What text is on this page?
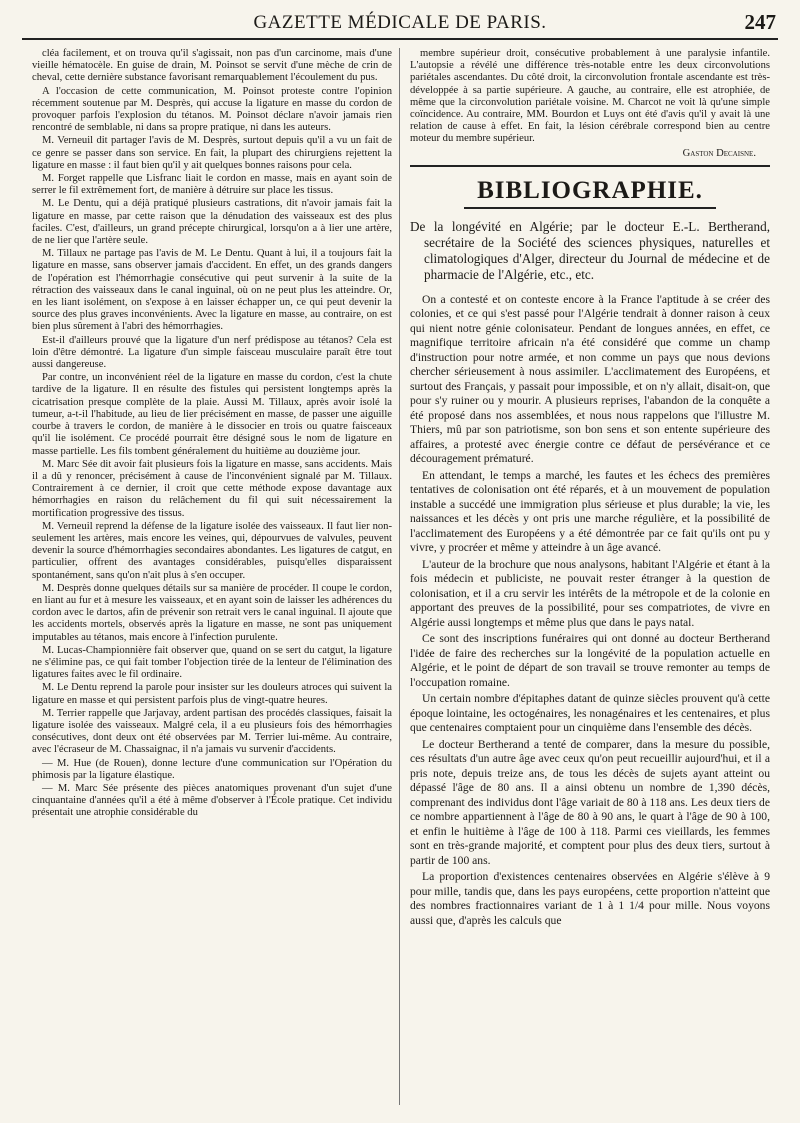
GAZETTE MÉDICALE DE PARIS.	247

cléa facilement, et on trouva qu'il s'agissait, non pas d'un carcinome, mais d'une vieille hématocèle. En guise de drain, M. Poinsot se servit d'une mèche de crin de cheval, cette dernière substance favorisant remarquablement l'écoulement du pus.

A l'occasion de cette communication, M. Poinsot proteste contre l'opinion récemment soutenue par M. Desprès, qui accuse la ligature en masse du cordon de provoquer parfois l'explosion du tétanos. M. Poinsot déclare n'avoir jamais rien rencontré de semblable, ni dans sa propre pratique, ni dans les auteurs.

M. Verneuil dit partager l'avis de M. Desprès, surtout depuis qu'il a vu un fait de ce genre se passer dans son service. En fait, la plupart des chirurgiens rejettent la ligature en masse : il faut bien qu'il y ait quelques bonnes raisons pour cela.

M. Forget rappelle que Lisfranc liait le cordon en masse, mais en ayant soin de serrer le fil extrêmement fort, de manière à détruire sur place les tissus.

M. Le Dentu, qui a déjà pratiqué plusieurs castrations, dit n'avoir jamais fait la ligature en masse, par cette raison que la dénudation des vaisseaux est des plus faciles. C'est, d'ailleurs, un grand précepte chirurgical, lorsqu'on a à lier une artère, de ne lier que l'artère seule.

M. Tillaux ne partage pas l'avis de M. Le Dentu. Quant à lui, il a toujours fait la ligature en masse, sans observer jamais d'accident. En effet, un des grands dangers de l'opération est l'hémorrhagie consécutive qui peut survenir à la suite de la rétraction des vaisseaux dans le canal inguinal, où on ne peut plus les atteindre. Or, en les liant isolément, on s'expose à en laisser échapper un, ce qui peut devenir la source des plus graves inconvénients. Avec la ligature en masse, au contraire, on est bien plus sûrement à l'abri des hémorrhagies.

Est-il d'ailleurs prouvé que la ligature d'un nerf prédispose au tétanos? Cela est loin d'être démontré. La ligature d'un simple faisceau musculaire paraît être tout aussi dangereuse.

Par contre, un inconvénient réel de la ligature en masse du cordon, c'est la chute tardive de la ligature. Il en résulte des fistules qui persistent longtemps après la cicatrisation presque complète de la plaie. Aussi M. Tillaux, après avoir isolé la tumeur, a-t-il l'habitude, au lieu de lier précisément en masse, de passer une aiguille courbe à travers le cordon, de manière à le dissocier en trois ou quatre faisceaux qu'il lie isolément. Ce procédé pourrait être désigné sous le nom de ligature en masse partielle. Les fils tombent généralement du huitième au douzième jour.

M. Marc Sée dit avoir fait plusieurs fois la ligature en masse, sans accidents. Mais il a dû y renoncer, précisément à cause de l'inconvénient signalé par M. Tillaux. Contrairement à ce dernier, il croit que cette méthode expose davantage aux hémorrhagies en raison du relâchement du fil qui suit nécessairement la mortification progressive des tissus.

M. Verneuil reprend la défense de la ligature isolée des vaisseaux. Il faut lier non-seulement les artères, mais encore les veines, qui, dépourvues de valvules, peuvent devenir la source d'hémorrhagies secondaires abondantes. Les ligatures de catgut, en particulier, offrent des avantages considérables, puisqu'elles disparaissent spontanément, sans qu'on n'ait plus à s'en occuper.

M. Desprès donne quelques détails sur sa manière de procéder. Il coupe le cordon, en liant au fur et à mesure les vaisseaux, et en ayant soin de laisser les adhérences du cordon avec le dartos, afin de prévenir son retrait vers le canal inguinal. Il ajoute que les accidents mortels, observés après la ligature en masse, ne sont pas uniquement imputables au tétanos, mais encore à l'infection purulente.

M. Lucas-Championnière fait observer que, quand on se sert du catgut, la ligature ne s'élimine pas, ce qui fait tomber l'objection tirée de la lenteur de l'élimination des ligatures faites avec le fil ordinaire.

M. Le Dentu reprend la parole pour insister sur les douleurs atroces qui suivent la ligature en masse et qui persistent parfois plus de vingt-quatre heures.

M. Terrier rappelle que Jarjavay, ardent partisan des procédés classiques, faisait la ligature isolée des vaisseaux. Malgré cela, il a eu plusieurs fois des hémorrhagies consécutives, dont deux ont été observées par M. Terrier lui-même. Au contraire, avec l'écraseur de M. Chassaignac, il n'a jamais vu survenir d'accidents.

— M. Hue (de Rouen), donne lecture d'une communication sur l'Opération du phimosis par la ligature élastique.

— M. Marc Sée présente des pièces anatomiques provenant d'un sujet d'une cinquantaine d'années qu'il a été à même d'observer à l'École pratique. Cet individu présentait une atrophie considérable du

membre supérieur droit, consécutive probablement à une paralysie infantile. L'autopsie a révélé une différence très-notable entre les deux circonvolutions pariétales ascendantes. Du côté droit, la circonvolution frontale ascendante est très-développée à sa partie supérieure. A gauche, au contraire, elle est atrophiée, de même que la circonvolution pariétale voisine. M. Charcot ne voit là qu'une simple coïncidence. Au contraire, MM. Bourdon et Luys ont été d'avis qu'il y avait là une relation de cause à effet. En fait, la lésion cérébrale correspond bien au centre moteur du membre supérieur.

Gaston Decaisne.
BIBLIOGRAPHIE.
De la longévité en Algérie; par le docteur E.-L. Bertherand, secrétaire de la Société des sciences physiques, naturelles et climatologiques d'Alger, directeur du Journal de médecine et de pharmacie de l'Algérie, etc., etc.

On a contesté et on conteste encore à la France l'aptitude à se créer des colonies, et ce qui s'est passé pour l'Algérie tendrait à donner raison à ceux qui nient notre génie colonisateur. Pendant de longues années, en effet, ce magnifique territoire africain n'a été considéré que comme un champ d'instruction pour notre armée, et non comme un pays que nous devions chercher sérieusement à nous assimiler. L'acclimatement des Européens, et surtout des Français, y passait pour impossible, et on n'y allait, disait-on, que pour s'y ruiner ou y mourir. A plusieurs reprises, l'abandon de la conquête a été proposé dans nos assemblées, et nous nous rappelons que l'illustre M. Thiers, mû par son patriotisme, son bon sens et son entente supérieure des affaires, a protesté avec énergie contre ce défaut de persévérance et ce découragement prématuré.

En attendant, le temps a marché, les fautes et les échecs des premières tentatives de colonisation ont été réparés, et à un mouvement de population instable a succédé une immigration plus sérieuse et plus durable; la vie, les naissances et les décès y ont pris une marche régulière, et la possibilité de l'acclimatement des Européens y a été démontrée par ce fait qu'ils ont pu y vivre, y procréer et même y atteindre à un âge avancé.

L'auteur de la brochure que nous analysons, habitant l'Algérie et étant à la fois médecin et publiciste, ne pouvait rester étranger à la question de colonisation, et il a cru servir les intérêts de la métropole et de la colonie en apportant des preuves de la possibilité, pour ses compatriotes, de vivre en Algérie aussi longtemps et même plus que dans le pays natal.

Ce sont des inscriptions funéraires qui ont donné au docteur Bertherand l'idée de faire des recherches sur la longévité de la population actuelle en Algérie, et le point de départ de son travail se trouve remonter au temps de l'occupation romaine.

Un certain nombre d'épitaphes datant de quinze siècles prouvent qu'à cette époque lointaine, les octogénaires, les nonagénaires et les centenaires, et plus que centenaires comptaient pour un cinquième dans l'ensemble des décès.

Le docteur Bertherand a tenté de comparer, dans la mesure du possible, ces résultats d'un autre âge avec ceux qu'on peut recueillir aujourd'hui, et il a pris note, depuis treize ans, de tous les décès de sujets ayant atteint ou dépassé l'âge de 80 ans. Il a ainsi obtenu un nombre de 1,390 décès, comprenant des individus dont l'âge variait de 80 à 118 ans. Les deux tiers de ce nombre appartiennent à l'âge de 80 à 90 ans, le quart à l'âge de 90 à 100, et enfin le huitième à l'âge de 100 à 118. Parmi ces vieillards, les femmes sont en très-grande majorité, et comptent pour plus des deux tiers, surtout à partir de 100 ans.

La proportion d'existences centenaires observées en Algérie s'élève à 9 pour mille, tandis que, dans les pays européens, cette proportion n'atteint que des nombres fractionnaires variant de 1 à 1 1/4 pour mille. Nous voyons aussi que, d'après les calculs que
